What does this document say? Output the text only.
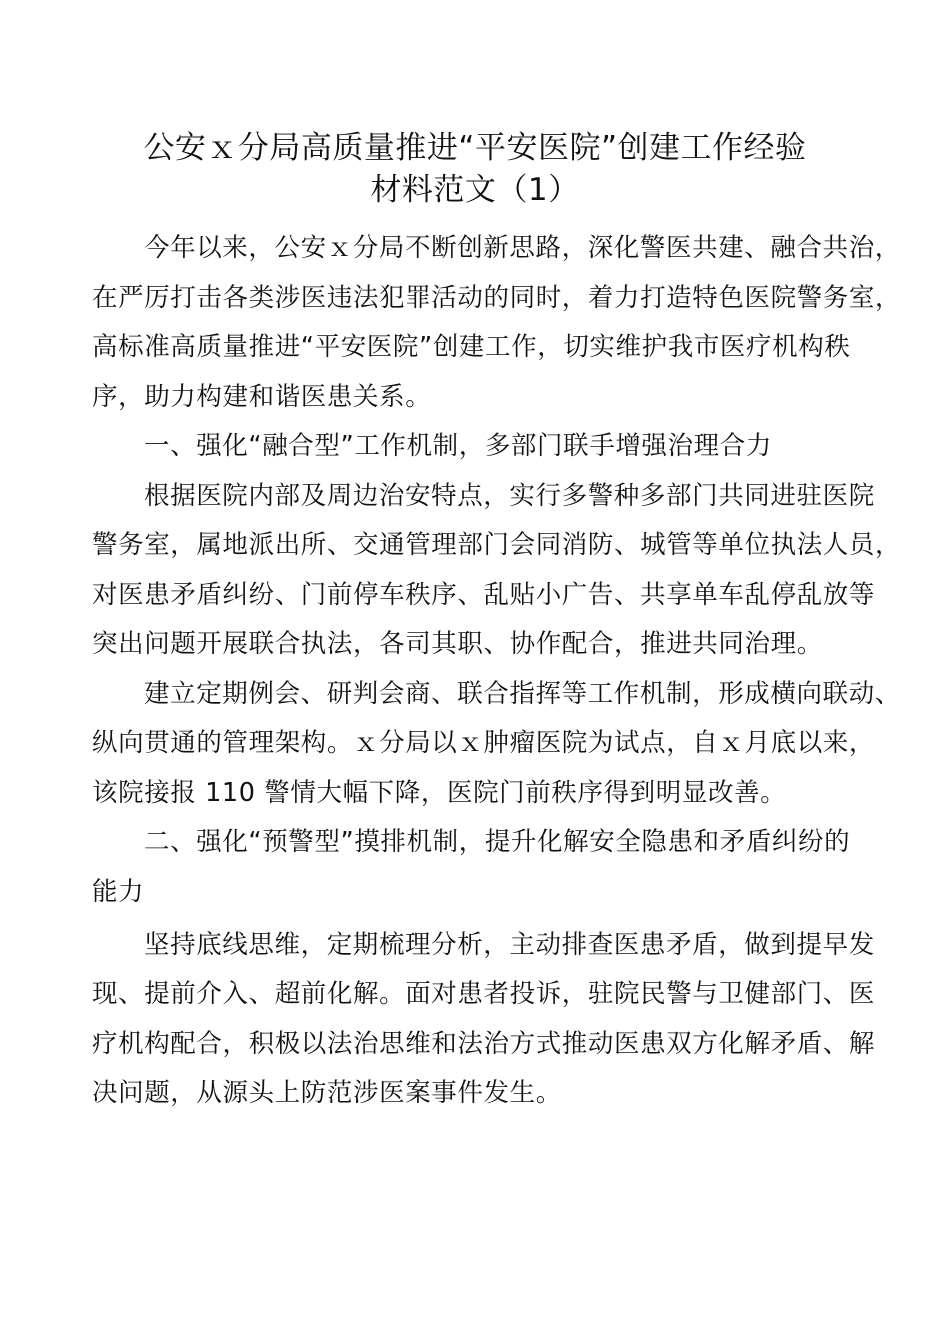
公安ｘ分局高质量推进“平安医院”创建工作经验
材料范文（1）
今年以来，公安ｘ分局不断创新思路，深化警医共建、融合共治，
在严厉打击各类涉医违法犯罪活动的同时，着力打造特色医院警务室，
高标准高质量推进“平安医院”创建工作，切实维护我市医疗机构秩
序，助力构建和谐医患关系。
一、强化“融合型”工作机制，多部门联手增强治理合力
根据医院内部及周边治安特点，实行多警种多部门共同进驻医院
警务室，属地派出所、交通管理部门会同消防、城管等单位执法人员，
对医患矛盾纠纷、门前停车秩序、乱贴小广告、共享单车乱停乱放等
突出问题开展联合执法，各司其职、协作配合，推进共同治理。
建立定期例会、研判会商、联合指挥等工作机制，形成横向联动、
纵向贯通的管理架构。ｘ分局以ｘ肿瘤医院为试点，自ｘ月底以来，
该院接报 110 警情大幅下降，医院门前秩序得到明显改善。
二、强化“预警型”摸排机制，提升化解安全隐患和矛盾纠纷的
能力
坚持底线思维，定期梳理分析，主动排查医患矛盾，做到提早发
现、提前介入、超前化解。面对患者投诉，驻院民警与卫健部门、医
疗机构配合，积极以法治思维和法治方式推动医患双方化解矛盾、解
决问题，从源头上防范涉医案事件发生。
